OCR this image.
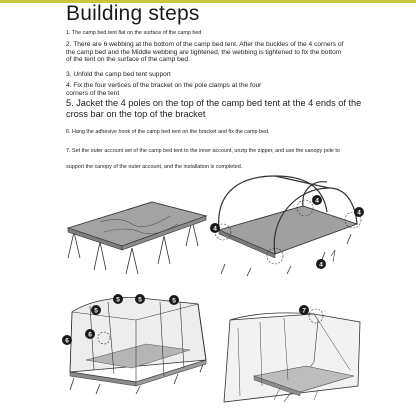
Building steps

1. The camp bed tent flat on the surface of the camp bed

2. There are 6 webbing at the bottom of the camp bed tent. After the buckles of the 4 corners of the camp bed and the Middle webbing are tightened, the webbing is tightened to fix the bottom of the tent on the surface of the camp bed.

3. Unfold the camp bed tent support

4. Fix the four vertices of the bracket on the pole clamps at the four corners of the tent

5. Jacket the 4 poles on the top of the camp bed tent at the 4 ends of the cross bar on the top of the bracket

6. Hang the adhesive hook of the camp bed tent on the bracket and fix the camp bed.

7. Set the outer account set of the camp bed tent to the inner account, unzip the zipper, and use the canopy pole to support the canopy of the outer account, and the installation is completed.

4
4
4
4
5	5	5
5
6
6
7
